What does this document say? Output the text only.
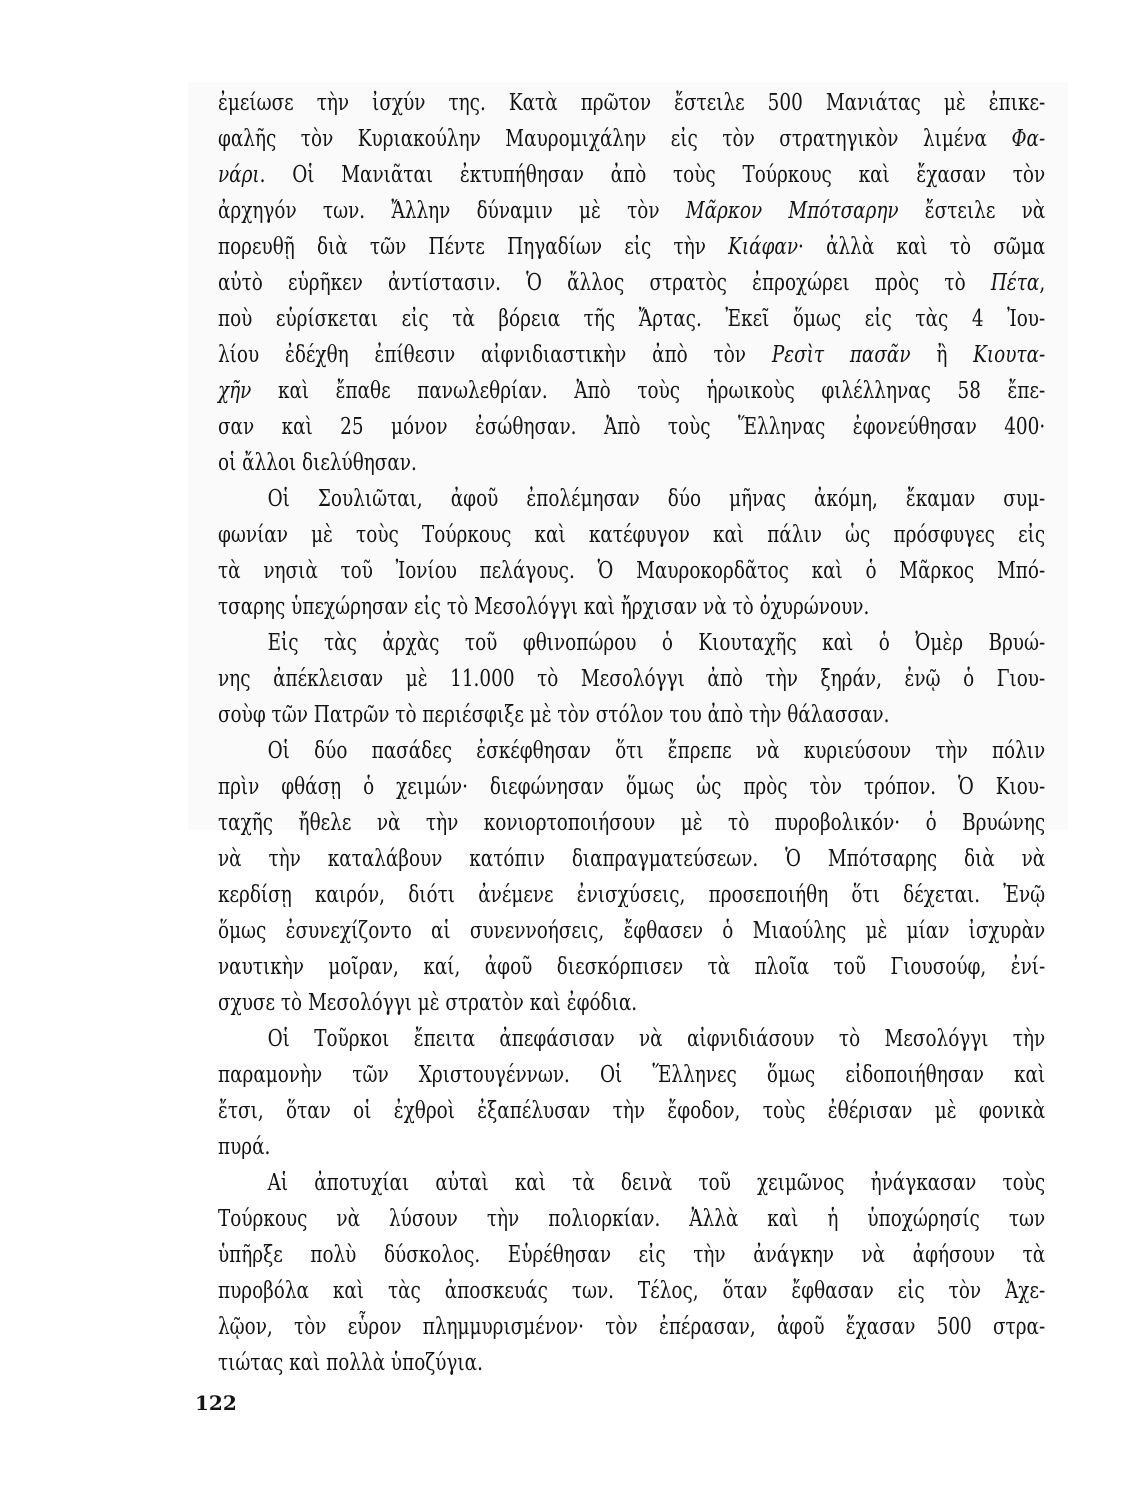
ἐμείωσε τὴν ἰσχύν της. Κατὰ πρῶτον ἔστειλε 500 Μανιάτας μὲ ἐπικε-
φαλῆς τὸν Κυριακούλην Μαυρομιχάλην εἰς τὸν στρατηγικὸν λιμένα Φα-
νάρι. Οἱ Μανιᾶται ἐκτυπήθησαν ἀπὸ τοὺς Τούρκους καὶ ἔχασαν τὸν
ἀρχηγόν των. Ἄλλην δύναμιν μὲ τὸν Μᾶρκον Μπότσαρην ἔστειλε νὰ
πορευθῇ διὰ τῶν Πέντε Πηγαδίων εἰς τὴν Κιάφαν· ἀλλὰ καὶ τὸ σῶμα
αὐτὸ εὑρῆκεν ἀντίστασιν. Ὁ ἄλλος στρατὸς ἐπροχώρει πρὸς τὸ Πέτα,
ποὺ εὑρίσκεται εἰς τὰ βόρεια τῆς Ἄρτας. Ἐκεῖ ὅμως εἰς τὰς 4 Ἰου-
λίου ἐδέχθη ἐπίθεσιν αἰφνιδιαστικὴν ἀπὸ τὸν Ρεσὶτ πασᾶν ἢ Κιουτα-
χῆν καὶ ἔπαθε πανωλεθρίαν. Ἀπὸ τοὺς ἡρωικοὺς φιλέλληνας 58 ἔπε-
σαν καὶ 25 μόνον ἐσώθησαν. Ἀπὸ τοὺς Ἕλληνας ἐφονεύθησαν 400·
οἱ ἄλλοι διελύθησαν.
Οἱ Σουλιῶται, ἀφοῦ ἐπολέμησαν δύο μῆνας ἀκόμη, ἔκαμαν συμ-
φωνίαν μὲ τοὺς Τούρκους καὶ κατέφυγον καὶ πάλιν ὡς πρόσφυγες εἰς
τὰ νησιὰ τοῦ Ἰονίου πελάγους. Ὁ Μαυροκορδᾶτος καὶ ὁ Μᾶρκος Μπό-
τσαρης ὑπεχώρησαν εἰς τὸ Μεσολόγγι καὶ ἤρχισαν νὰ τὸ ὀχυρώνουν.
Εἰς τὰς ἀρχὰς τοῦ φθινοπώρου ὁ Κιουταχῆς καὶ ὁ Ὀμὲρ Βρυώ-
νης ἀπέκλεισαν μὲ 11.000 τὸ Μεσολόγγι ἀπὸ τὴν ξηράν, ἐνῷ ὁ Γιου-
σοὺφ τῶν Πατρῶν τὸ περιέσφιξε μὲ τὸν στόλον του ἀπὸ τὴν θάλασσαν.
Οἱ δύο πασάδες ἐσκέφθησαν ὅτι ἔπρεπε νὰ κυριεύσουν τὴν πόλιν
πρὶν φθάσῃ ὁ χειμών· διεφώνησαν ὅμως ὡς πρὸς τὸν τρόπον. Ὁ Κιου-
ταχῆς ἤθελε νὰ τὴν κονιορτοποιήσουν μὲ τὸ πυροβολικόν· ὁ Βρυώνης
νὰ τὴν καταλάβουν κατόπιν διαπραγματεύσεων. Ὁ Μπότσαρης διὰ νὰ
κερδίσῃ καιρόν, διότι ἀνέμενε ἐνισχύσεις, προσεποιήθη ὅτι δέχεται. Ἐνῷ
ὅμως ἐσυνεχίζοντο αἱ συνεννοήσεις, ἔφθασεν ὁ Μιαούλης μὲ μίαν ἰσχυρὰν
ναυτικὴν μοῖραν, καί, ἀφοῦ διεσκόρπισεν τὰ πλοῖα τοῦ Γιουσούφ, ἐνί-
σχυσε τὸ Μεσολόγγι μὲ στρατὸν καὶ ἐφόδια.
Οἱ Τοῦρκοι ἔπειτα ἀπεφάσισαν νὰ αἰφνιδιάσουν τὸ Μεσολόγγι τὴν
παραμονὴν τῶν Χριστουγέννων. Οἱ Ἕλληνες ὅμως εἰδοποιήθησαν καὶ
ἔτσι, ὅταν οἱ ἐχθροὶ ἐξαπέλυσαν τὴν ἔφοδον, τοὺς ἐθέρισαν μὲ φονικὰ
πυρά.
Αἱ ἀποτυχίαι αὐταὶ καὶ τὰ δεινὰ τοῦ χειμῶνος ἠνάγκασαν τοὺς
Τούρκους νὰ λύσουν τὴν πολιορκίαν. Ἀλλὰ καὶ ἡ ὑποχώρησίς των
ὑπῆρξε πολὺ δύσκολος. Εὑρέθησαν εἰς τὴν ἀνάγκην νὰ ἀφήσουν τὰ
πυροβόλα καὶ τὰς ἀποσκευάς των. Τέλος, ὅταν ἔφθασαν εἰς τὸν Ἀχε-
λῷον, τὸν εὗρον πλημμυρισμένον· τὸν ἐπέρασαν, ἀφοῦ ἔχασαν 500 στρα-
τιώτας καὶ πολλὰ ὑποζύγια.
122
